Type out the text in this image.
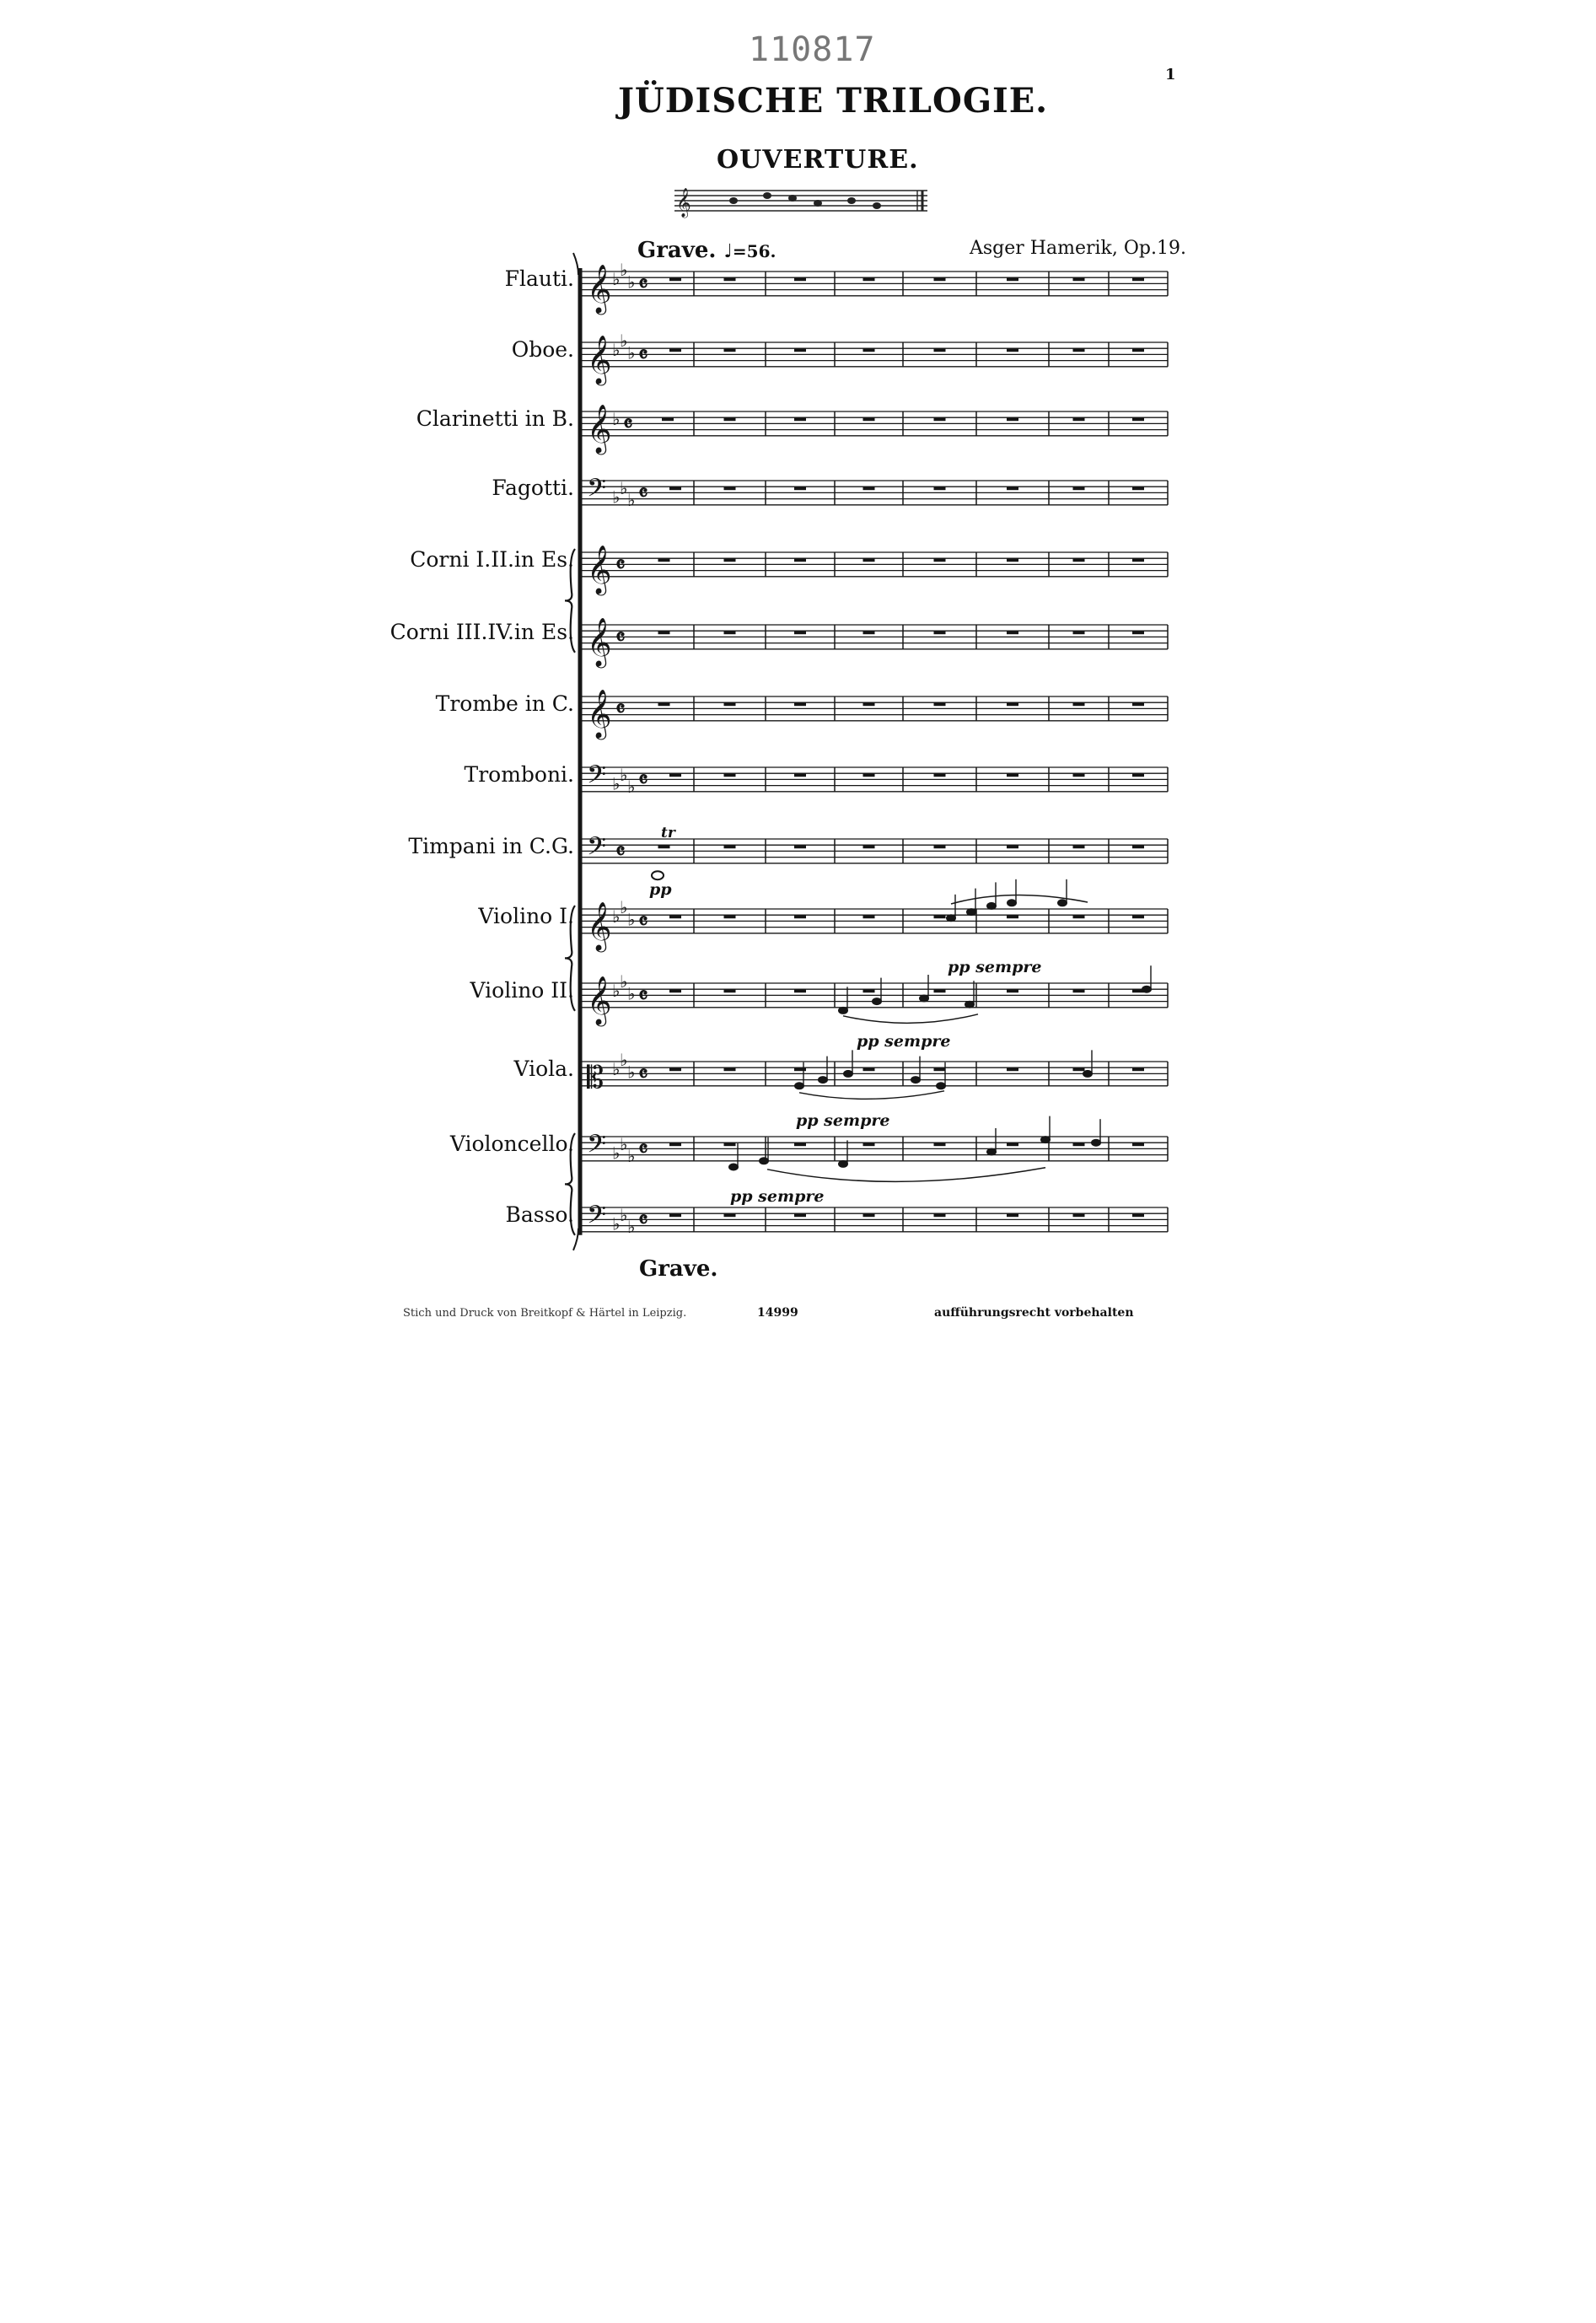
110817
1
JÜDISCHE TRILOGIE.
OUVERTURE.
𝄞
Grave. ♩=56.	Asger Hamerik, Op.19.
𝄞 ♭ ♭
♭ 𝄴
𝄞 ♭ ♭
♭ 𝄴
𝄞 ♭ 𝄴
𝄢 ♭ ♭
♭ 𝄴
𝄞 𝄴
𝄞 𝄴
𝄞 𝄴
𝄢 ♭ ♭
♭ 𝄴
𝄢 𝄴
𝄞 ♭ ♭
♭ 𝄴
𝄞 ♭ ♭
♭ 𝄴
𝄡 ♭ ♭
♭ 𝄴
𝄢 ♭ ♭
♭ 𝄴
𝄢 ♭ ♭
♭ 𝄴
Flauti.
Oboe.
Clarinetti in B.
Fagotti.
Corni I.II.in Es.
Corni III.IV.in Es.
Trombe in C.
Tromboni.
Timpani in C.G.
Violino I.
Violino II.
Viola.
Violoncello.
Basso.
pp
pp sempre
pp sempre
pp sempre
pp sempre
tr
Grave.
Stich und Druck von Breitkopf & Härtel in Leipzig.	14999	aufführungsrecht vorbehalten
